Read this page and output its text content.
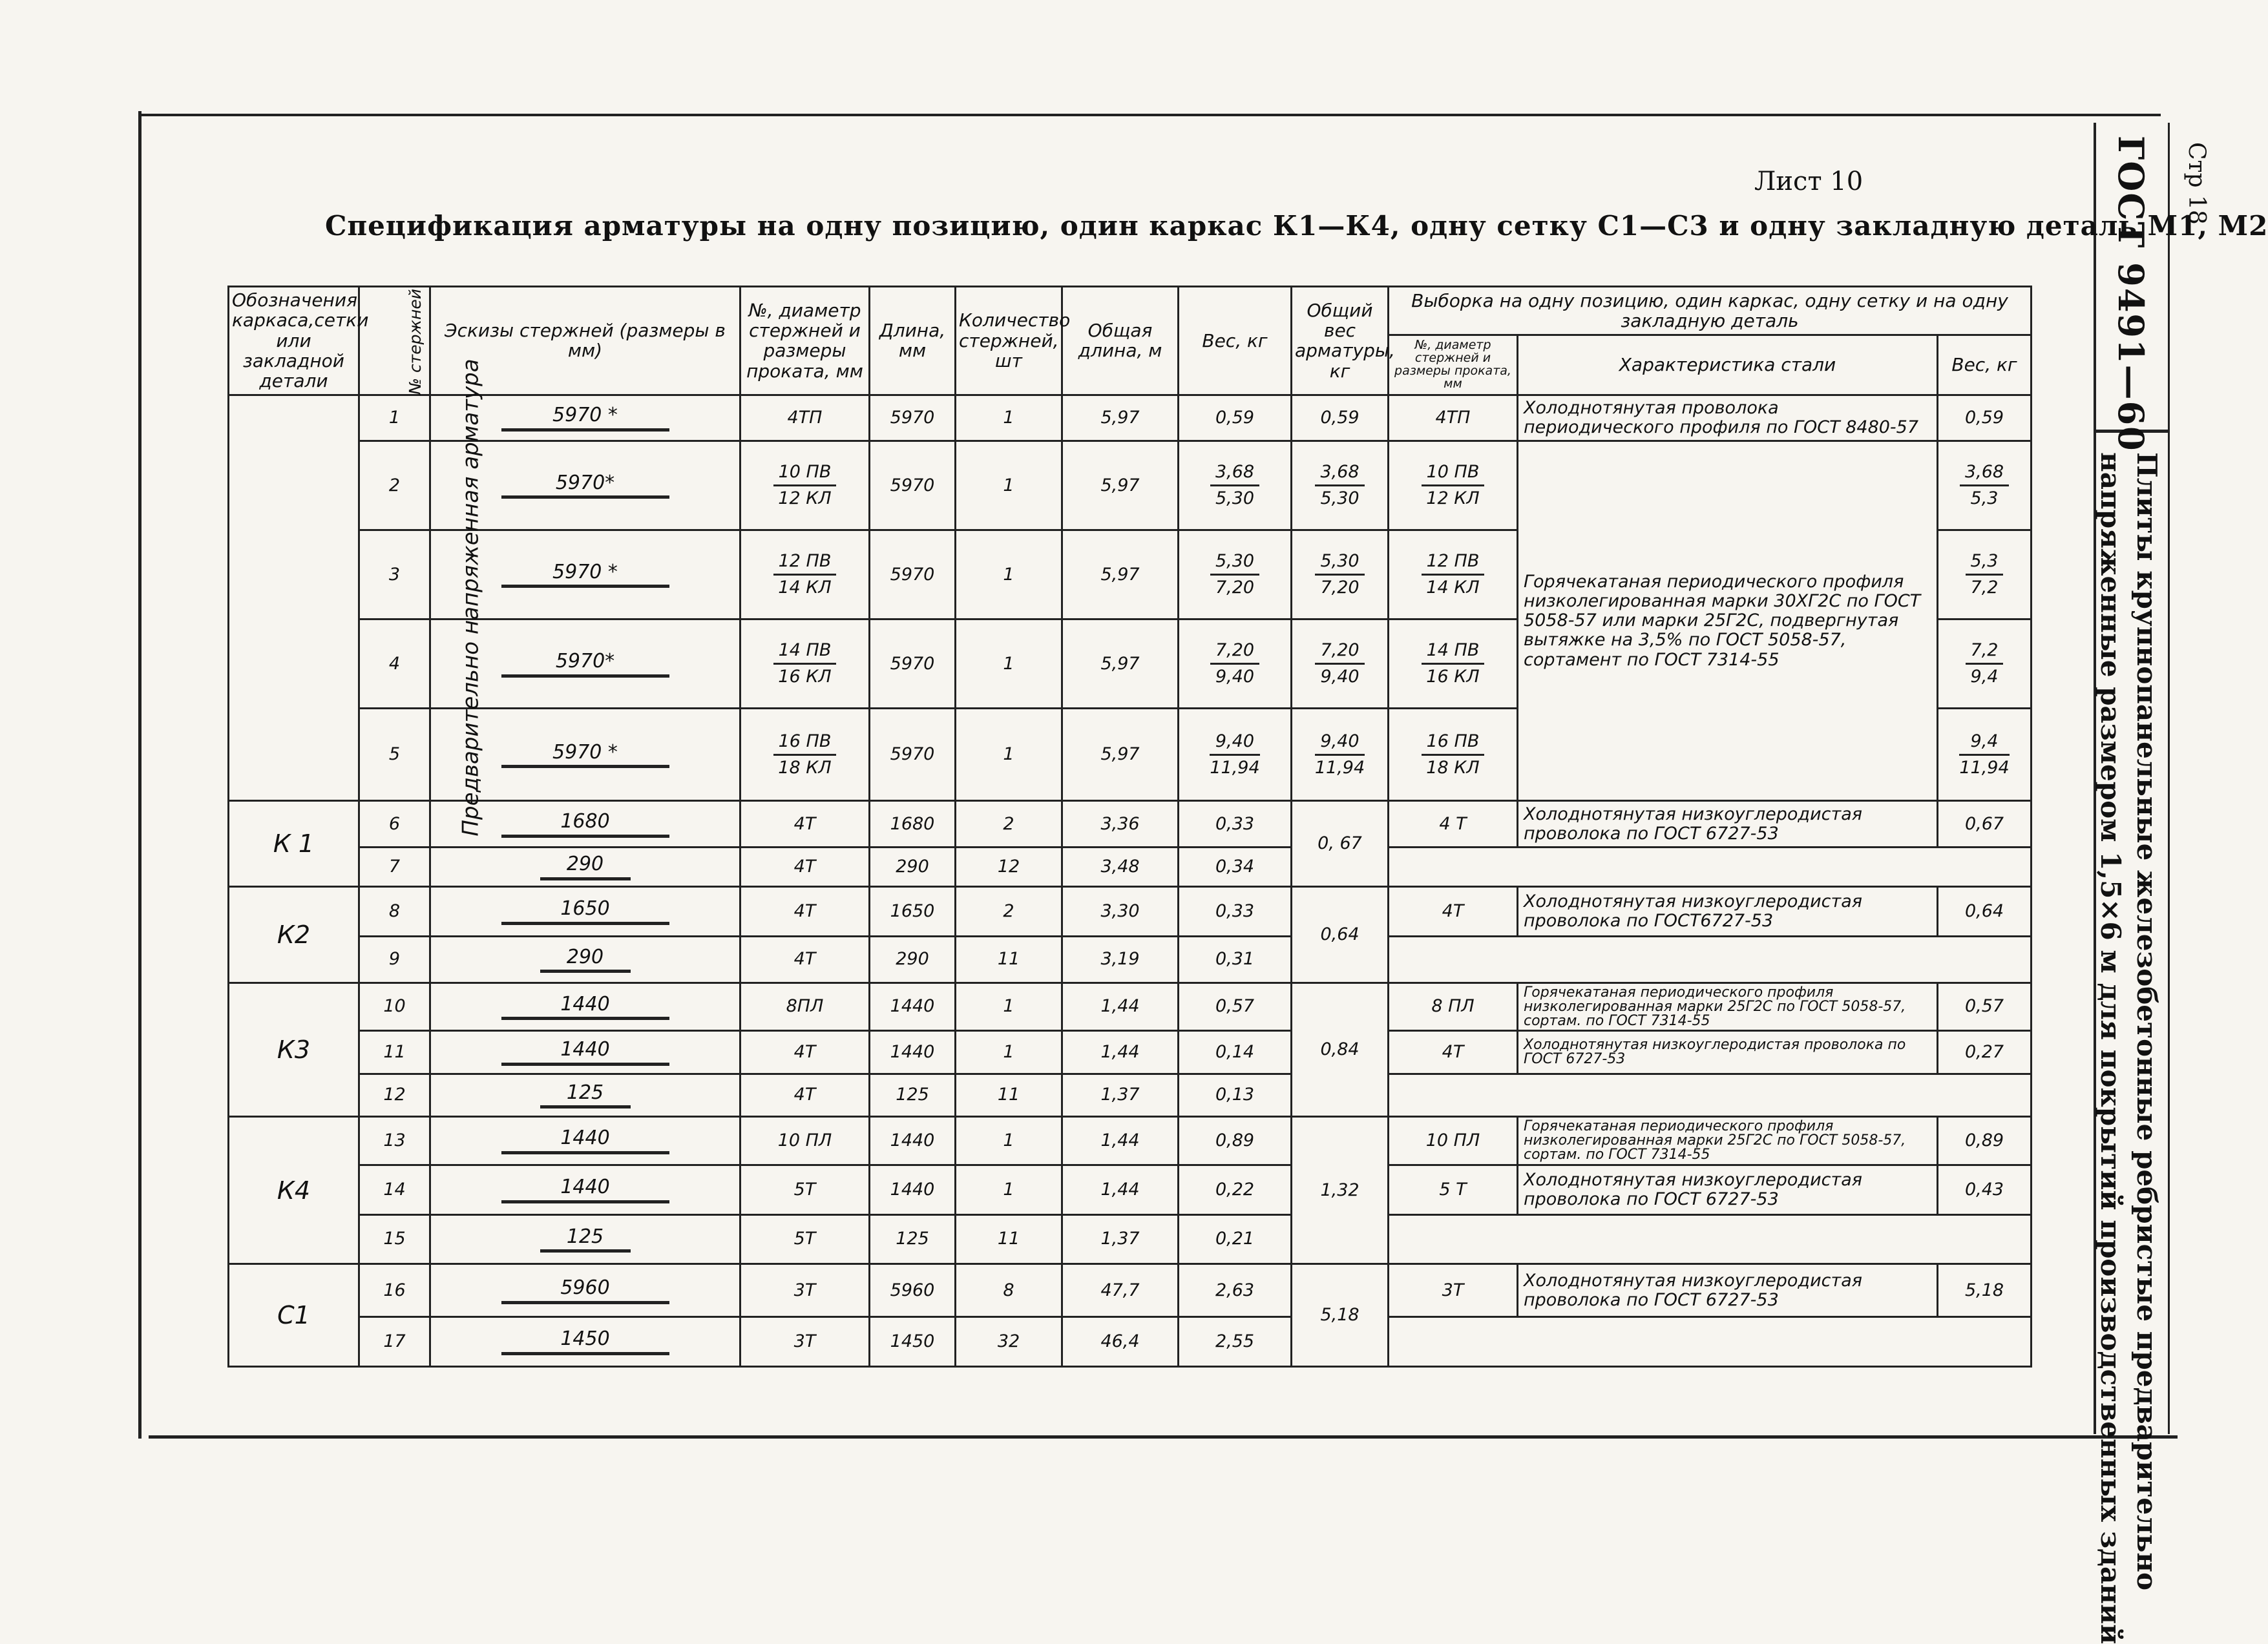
Стр 18
ГОСТ 9491—60
Плиты крупнопанельные железобетонные ребристые предварительно
напряженные размером 1,5×6 м для покрытий производственных зданий
Лист 10
Спецификация арматуры на одну позицию, один каркас К1—К4, одну сетку С1—С3 и одну закладную деталь М1, М2
Обозначения каркаса,сетки или закладной детали	№ стержней	Эскизы стержней (размеры в мм)	№, диаметр стержней и размеры проката, мм	Длина, мм	Количество стержней, шт	Общая длина, м	Вес, кг	Общий вес арматуры, кг	Выборка на одну позицию, один каркас, одну сетку и на одну закладную деталь		
									№, диаметр стержней и размеры проката, мм	Характеристика стали	Вес, кг
Предварительно напряженная арматура	1	5970 *	4ТП	5970	1	5,97	0,59	0,59	4ТП	Холоднотянутая проволока периодического профиля по ГОСТ 8480-57	0,59
	2	5970*	$\frac{10 ПВ}{12 КЛ}$	5970	1	5,97	$\frac{3,68}{5,30}$	$\frac{3,68}{5,30}$	$\frac{10 ПВ}{12 КЛ}$	Горячекатаная периодического профиля низколегированная марки 30ХГ2С по ГОСТ 5058-57 или марки 25Г2С, подвергнутая вытяжке на 3,5% по ГОСТ 5058-57, сортамент по ГОСТ 7314-55	$\frac{3,68}{5,3}$

	3	5970 *	$\frac{12 ПВ}{14 КЛ}$	5970	1	5,97	$\frac{5,30}{7,20}$	$\frac{5,30}{7,20}$	$\frac{12 ПВ}{14 КЛ}$		$\frac{5,3}{7,2}$

	4	5970*	$\frac{14 ПВ}{16 КЛ}$	5970	1	5,97	$\frac{7,20}{9,40}$	$\frac{7,20}{9,40}$	$\frac{14 ПВ}{16 КЛ}$		$\frac{7,2}{9,4}$

	5	5970 *	$\frac{16 ПВ}{18 КЛ}$	5970	1	5,97	$\frac{9,40}{11,94}$	$\frac{9,40}{11,94}$	$\frac{16 ПВ}{18 КЛ}$		$\frac{9,4}{11,94}$

К 1	6	1680	4Т	1680	2	3,36	0,33	0, 67	4 Т	Холоднотянутая низкоуглеродистая проволока по ГОСТ 6727-53	0,67
	7	290	4Т	290	12	3,48	0,34				
К2	8	1650	4Т	1650	2	3,30	0,33	0,64	4Т	Холоднотянутая низкоуглеродистая проволока по ГОСТ6727-53	0,64
	9	290	4Т	290	11	3,19	0,31				
К3	10	1440	8ПЛ	1440	1	1,44	0,57	0,84	8 ПЛ	Горячекатаная периодического профиля низколегированная марки 25Г2С по ГОСТ 5058-57, сортам. по ГОСТ 7314-55	0,57
	11	1440	4Т	1440	1	1,44	0,14		4Т	Холоднотянутая низкоуглеродистая проволока по ГОСТ 6727-53	0,27
	12	125	4Т	125	11	1,37	0,13				
К4	13	1440	10 ПЛ	1440	1	1,44	0,89	1,32	10 ПЛ	Горячекатаная периодического профиля низколегированная марки 25Г2С по ГОСТ 5058-57, сортам. по ГОСТ 7314-55	0,89
	14	1440	5Т	1440	1	1,44	0,22		5 Т	Холоднотянутая низкоуглеродистая проволока по ГОСТ 6727-53	0,43
	15	125	5Т	125	11	1,37	0,21				
С1	16	5960	3Т	5960	8	47,7	2,63	5,18	3Т	Холоднотянутая низкоуглеродистая проволока по ГОСТ 6727-53	5,18
	17	1450	3Т	1450	32	46,4	2,55				
